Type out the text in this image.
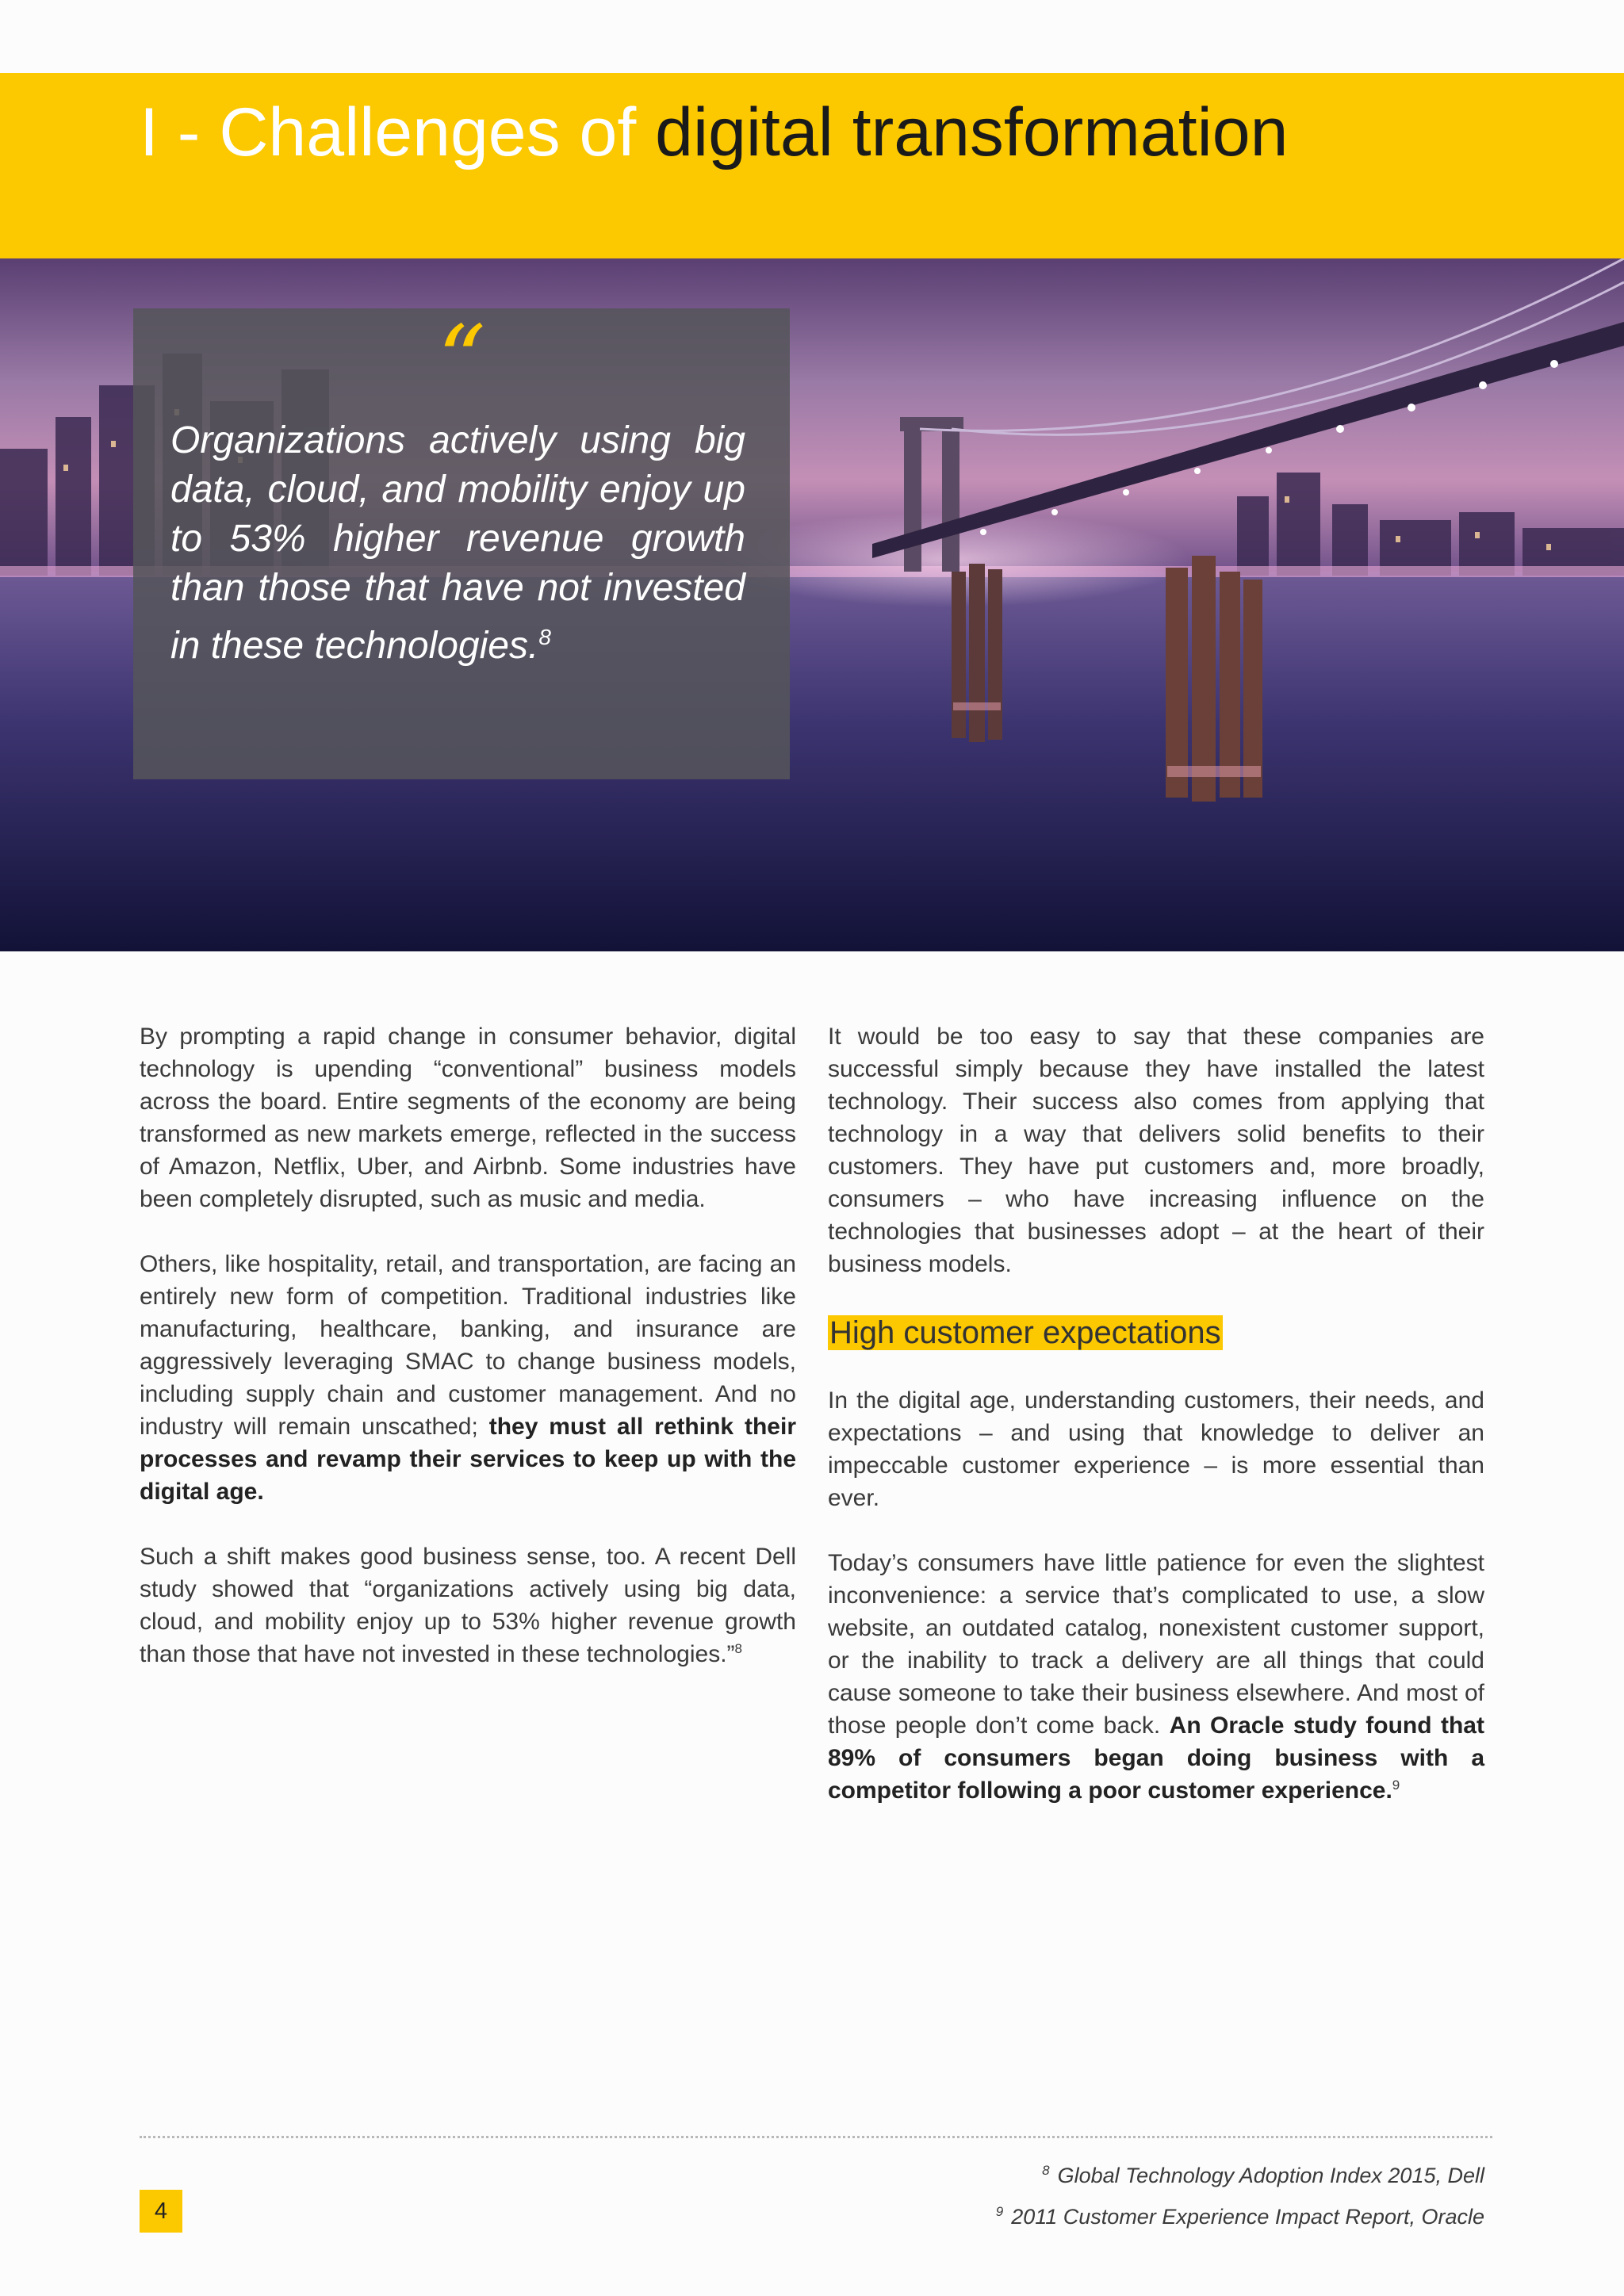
I - Challenges of digital transformation
“

Organizations actively using big data, cloud, and mobility enjoy up to 53% higher revenue growth than those that have not invested in these technologies.$^8$

By prompting a rapid change in consumer behavior, digital technology is upending “conventional” business models across the board. Entire segments of the economy are being transformed as new markets emerge, reflected in the success of Amazon, Netflix, Uber, and Airbnb. Some industries have been completely disrupted, such as music and media.

Others, like hospitality, retail, and transportation, are facing an entirely new form of competition. Traditional industries like manufacturing, healthcare, banking, and insurance are aggressively leveraging SMAC to change business models, including supply chain and customer management. And no industry will remain unscathed; they must all rethink their processes and revamp their services to keep up with the digital age.

Such a shift makes good business sense, too. A recent Dell study showed that “organizations actively using big data, cloud, and mobility enjoy up to 53% higher revenue growth than those that have not invested in these technologies.”$^8$

It would be too easy to say that these companies are successful simply because they have installed the latest technology. Their success also comes from applying that technology in a way that delivers solid benefits to their customers. They have put customers and, more broadly, consumers – who have increasing influence on the technologies that businesses adopt – at the heart of their business models.

High customer expectations

In the digital age, understanding customers, their needs, and expectations – and using that knowledge to deliver an impeccable customer experience – is more essential than ever.

Today’s consumers have little patience for even the slightest inconvenience: a service that’s complicated to use, a slow website, an outdated catalog, nonexistent customer support, or the inability to track a delivery are all things that could cause someone to take their business elsewhere. And most of those people don’t come back. An Oracle study found that 89% of consumers began doing business with a competitor following a poor customer experience.$^9$

$^8$ Global Technology Adoption Index 2015, Dell
$^9$ 2011 Customer Experience Impact Report, Oracle
4
